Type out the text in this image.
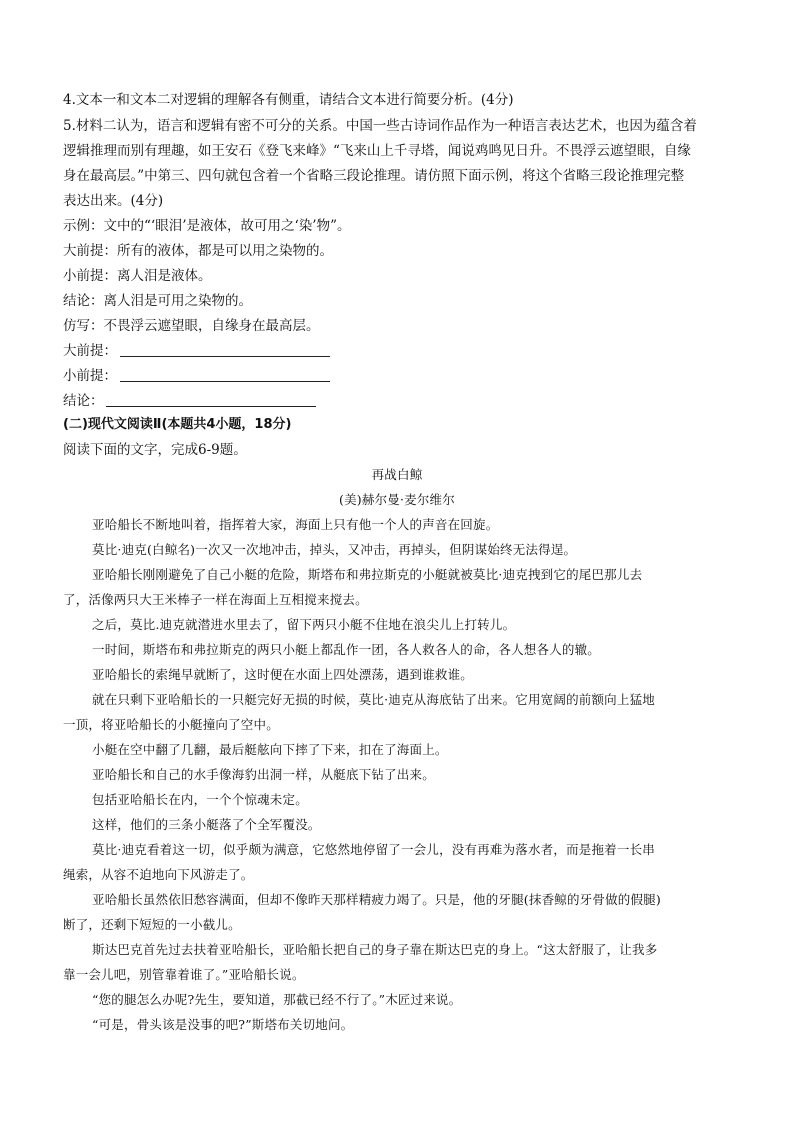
4.文本一和文本二对逻辑的理解各有侧重，请结合文本进行简要分析。(4分)
5.材料二认为，语言和逻辑有密不可分的关系。中国一些古诗词作品作为一种语言表达艺术，也因为蕴含着
逻辑推理而别有理趣，如王安石《登飞来峰》“飞来山上千寻塔，闻说鸡鸣见日升。不畏浮云遮望眼，自缘
身在最高层。”中第三、四句就包含着一个省略三段论推理。请仿照下面示例，将这个省略三段论推理完整
表达出来。(4分)
示例：文中的“‘眼泪’是液体，故可用之‘染’物”。
大前提：所有的液体，都是可以用之染物的。
小前提：离人泪是液体。
结论：离人泪是可用之染物的。
仿写：不畏浮云遮望眼，自缘身在最高层。
大前提：
小前提：
结论：
(二)现代文阅读Ⅱ(本题共4小题，18分)
阅读下面的文字，完成6-9题。
再战白鲸
(美)赫尔曼·麦尔维尔
亚哈船长不断地叫着，指挥着大家，海面上只有他一个人的声音在回旋。
莫比·迪克(白鲸名)一次又一次地冲击，掉头，又冲击，再掉头，但阴谋始终无法得逞。
亚哈船长刚刚避免了自己小艇的危险，斯塔布和弗拉斯克的小艇就被莫比·迪克拽到它的尾巴那儿去
了，活像两只大王米棒子一样在海面上互相搅来搅去。
之后，莫比.迪克就潜进水里去了，留下两只小艇不住地在浪尖儿上打转儿。
一时间，斯塔布和弗拉斯克的两只小艇上都乱作一团，各人救各人的命，各人想各人的辙。
亚哈船长的索绳早就断了，这时便在水面上四处漂荡，遇到谁救谁。
就在只剩下亚哈船长的一只艇完好无损的时候，莫比·迪克从海底钻了出来。它用宽阔的前额向上猛地
一顶，将亚哈船长的小艇撞向了空中。
小艇在空中翻了几翻，最后艇舷向下摔了下来，扣在了海面上。
亚哈船长和自己的水手像海豹出洞一样，从艇底下钻了出来。
包括亚哈船长在内，一个个惊魂未定。
这样，他们的三条小艇落了个全军覆没。
莫比·迪克看着这一切，似乎颇为满意，它悠然地停留了一会儿，没有再难为落水者，而是拖着一长串
绳索，从容不迫地向下风游走了。
亚哈船长虽然依旧愁容满面，但却不像昨天那样精疲力竭了。只是，他的牙腿(抹香鲸的牙骨做的假腿)
断了，还剩下短短的一小截儿。
斯达巴克首先过去扶着亚哈船长，亚哈船长把自己的身子靠在斯达巴克的身上。“这太舒服了，让我多
靠一会儿吧，别管靠着谁了。”亚哈船长说。
“您的腿怎么办呢?先生，要知道，那截已经不行了。”木匠过来说。
“可是，骨头该是没事的吧?”斯塔布关切地问。
